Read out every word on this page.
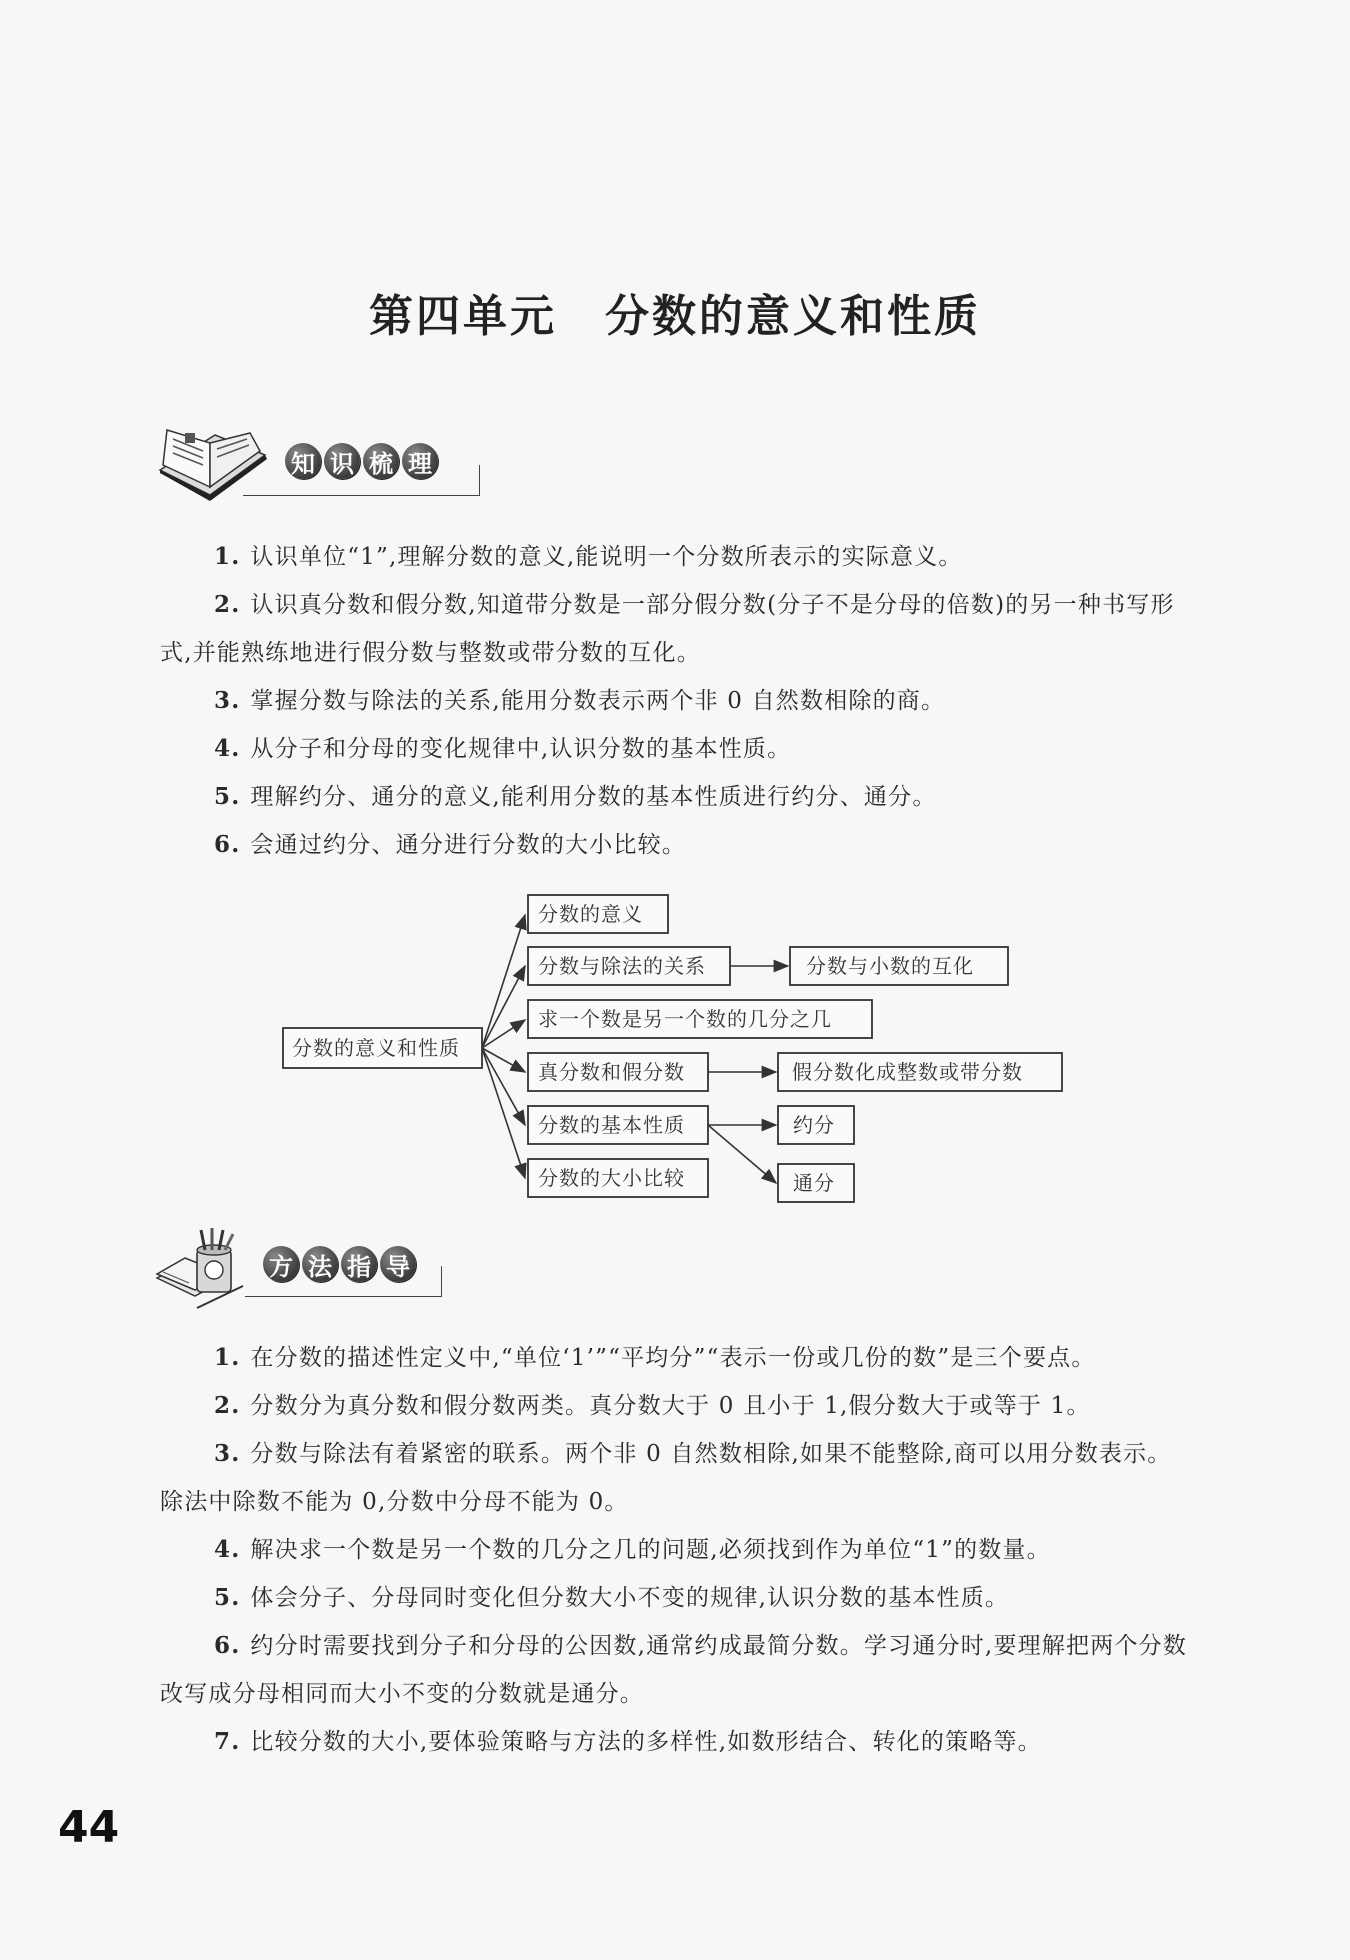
第四单元 分数的意义和性质
知 识 梳 理
1. 认识单位“1”,理解分数的意义,能说明一个分数所表示的实际意义。
2. 认识真分数和假分数,知道带分数是一部分假分数(分子不是分母的倍数)的另一种书写形式,并能熟练地进行假分数与整数或带分数的互化。
3. 掌握分数与除法的关系,能用分数表示两个非 0 自然数相除的商。
4. 从分子和分母的变化规律中,认识分数的基本性质。
5. 理解约分、通分的意义,能利用分数的基本性质进行约分、通分。
6. 会通过约分、通分进行分数的大小比较。
分数的意义和性质
分数的意义
分数与除法的关系
求一个数是另一个数的几分之几
真分数和假分数
分数的基本性质
分数的大小比较
分数与小数的互化
假分数化成整数或带分数
约分
通分
方 法 指 导
1. 在分数的描述性定义中,“单位‘1’”“平均分”“表示一份或几份的数”是三个要点。
2. 分数分为真分数和假分数两类。真分数大于 0 且小于 1,假分数大于或等于 1。
3. 分数与除法有着紧密的联系。两个非 0 自然数相除,如果不能整除,商可以用分数表示。除法中除数不能为 0,分数中分母不能为 0。
4. 解决求一个数是另一个数的几分之几的问题,必须找到作为单位“1”的数量。
5. 体会分子、分母同时变化但分数大小不变的规律,认识分数的基本性质。
6. 约分时需要找到分子和分母的公因数,通常约成最简分数。学习通分时,要理解把两个分数改写成分母相同而大小不变的分数就是通分。
7. 比较分数的大小,要体验策略与方法的多样性,如数形结合、转化的策略等。
44
